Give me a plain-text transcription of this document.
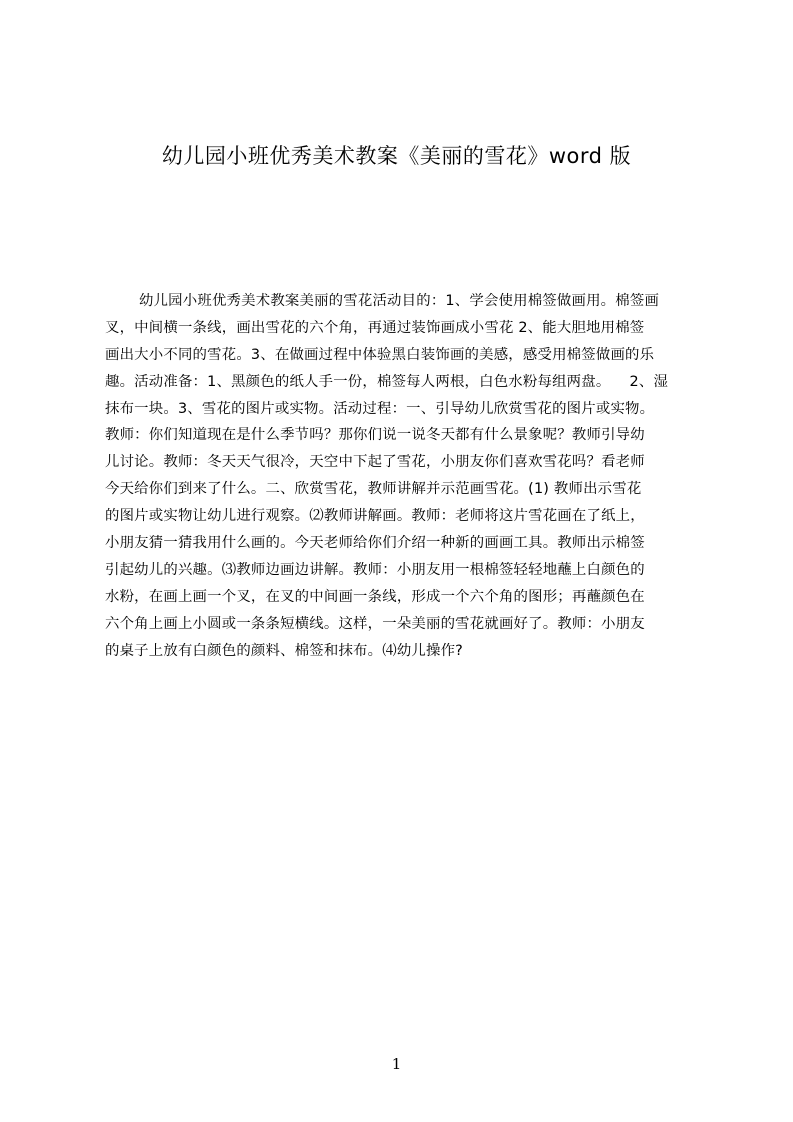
幼儿园小班优秀美术教案《美丽的雪花》word 版
幼儿园小班优秀美术教案美丽的雪花活动目的：1、学会使用棉签做画用。棉签画
叉，中间横一条线，画出雪花的六个角，再通过装饰画成小雪花 2、能大胆地用棉签
画出大小不同的雪花。3、在做画过程中体验黑白装饰画的美感，感受用棉签做画的乐
趣。活动准备：1、黑颜色的纸人手一份，棉签每人两根，白色水粉每组两盘。    2、湿
抹布一块。3、雪花的图片或实物。活动过程：一、引导幼儿欣赏雪花的图片或实物。
教师：你们知道现在是什么季节吗？那你们说一说冬天都有什么景象呢？教师引导幼
儿讨论。教师：冬天天气很冷，天空中下起了雪花，小朋友你们喜欢雪花吗？看老师
今天给你们到来了什么。二、欣赏雪花，教师讲解并示范画雪花。(1) 教师出示雪花
的图片或实物让幼儿进行观察。⑵教师讲解画。教师：老师将这片雪花画在了纸上，
小朋友猜一猜我用什么画的。今天老师给你们介绍一种新的画画工具。教师出示棉签
引起幼儿的兴趣。⑶教师边画边讲解。教师：小朋友用一根棉签轻轻地蘸上白颜色的
水粉，在画上画一个叉，在叉的中间画一条线，形成一个六个角的图形；再蘸颜色在
六个角上画上小圆或一条条短横线。这样，一朵美丽的雪花就画好了。教师：小朋友
的桌子上放有白颜色的颜料、棉签和抹布。⑷幼儿操作?
1
